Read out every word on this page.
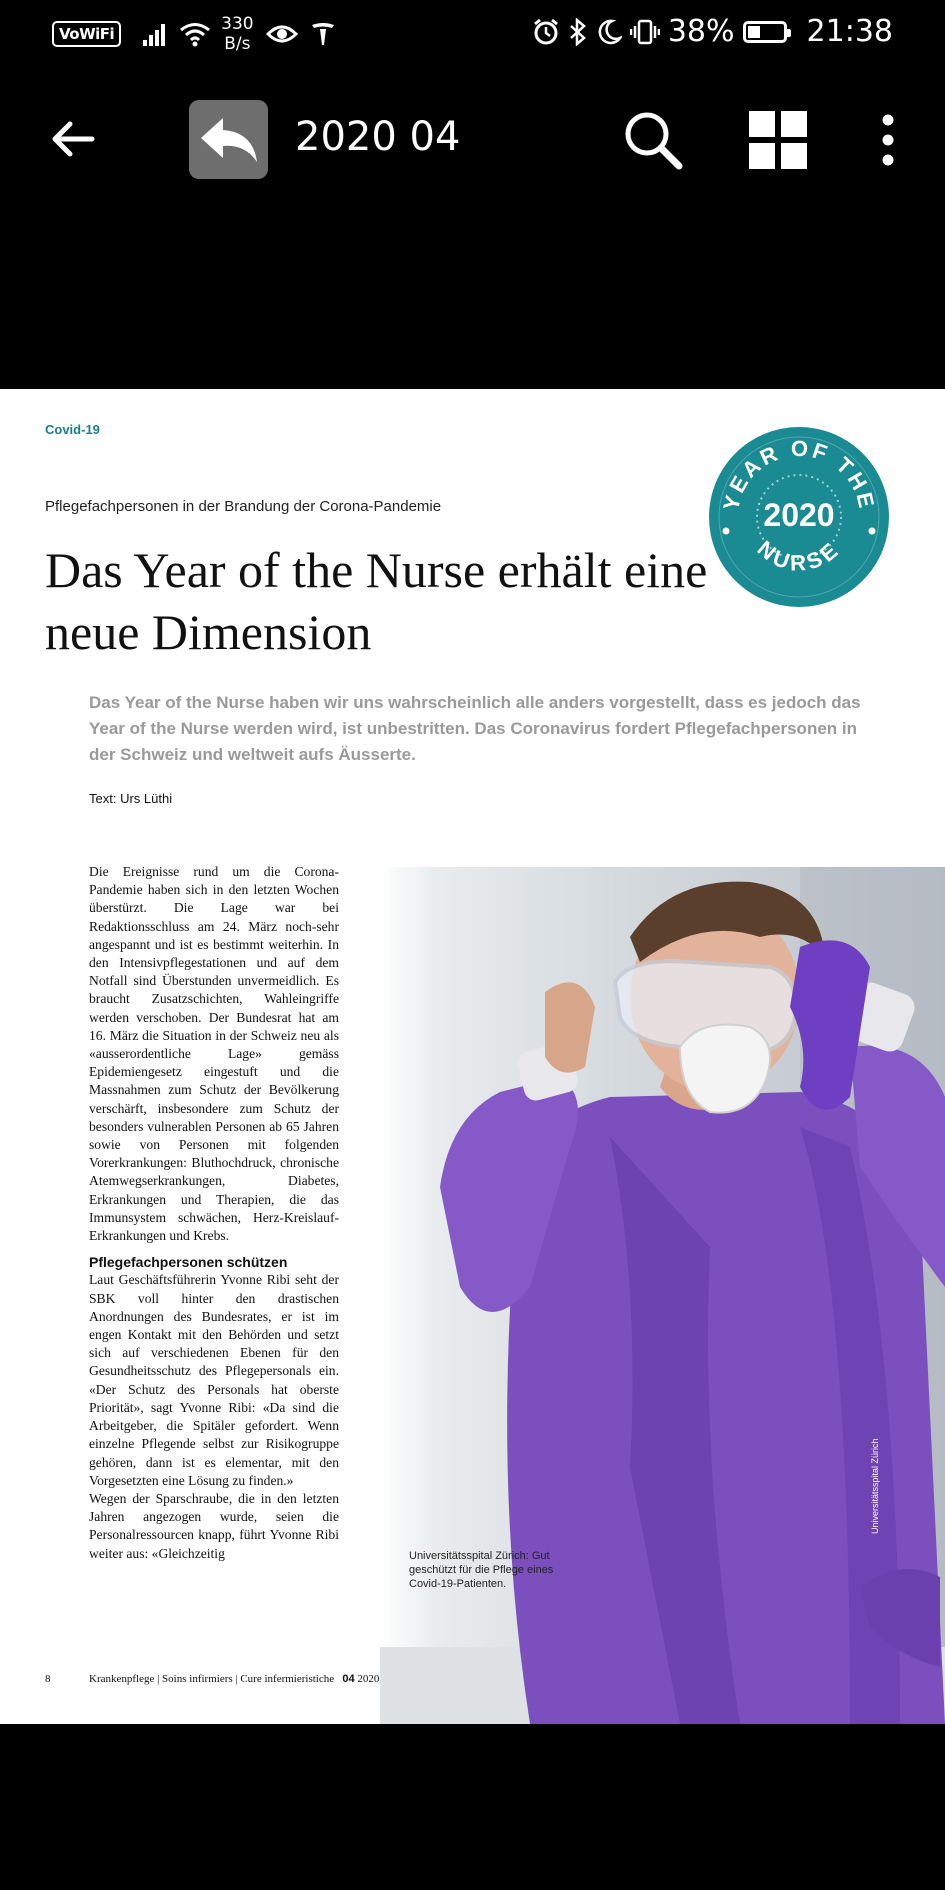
VoWiFi	330
B/s	38% 21:38
2020 04
Covid-19
Pflegefachpersonen in der Brandung der Corona-Pandemie
Das Year of the Nurse erhält eine neue Dimension
YEAR OF THE
2020
NURSE

Das Year of the Nurse haben wir uns wahrscheinlich alle anders vorgestellt, dass es jedoch das Year of the Nurse werden wird, ist unbestritten. Das Coronavirus fordert Pflegefachpersonen in der Schweiz und weltweit aufs Äusserte.

Text: Urs Lüthi

Die Ereignisse rund um die Corona-Pandemie haben sich in den letzten Wochen überstürzt. Die Lage war bei Redaktionsschluss am 24. März noch-sehr angespannt und ist es bestimmt weiterhin. In den Intensivpflegestationen und auf dem Notfall sind Überstunden unvermeidlich. Es braucht Zusatzschichten, Wahleingriffe werden verschoben. Der Bundesrat hat am 16. März die Situation in der Schweiz neu als «ausserordentliche Lage» gemäss Epidemiengesetz eingestuft und die Massnahmen zum Schutz der Bevölkerung verschärft, insbesondere zum Schutz der besonders vulnerablen Personen ab 65 Jahren sowie von Personen mit folgenden Vorerkrankungen: Bluthochdruck, chronische Atemwegserkrankungen, Diabetes, Erkrankungen und Therapien, die das Immunsystem schwächen, Herz-Kreislauf-Erkrankungen und Krebs.

Pflegefachpersonen schützen

Laut Geschäftsführerin Yvonne Ribi seht der SBK voll hinter den drastischen Anordnungen des Bundesrates, er ist im engen Kontakt mit den Behörden und setzt sich auf verschiedenen Ebenen für den Gesundheitsschutz des Pflegepersonals ein. «Der Schutz des Personals hat oberste Priorität», sagt Yvonne Ribi: «Da sind die Arbeitgeber, die Spitäler gefordert. Wenn einzelne Pflegende selbst zur Risikogruppe gehören, dann ist es elementar, mit den Vorgesetzten eine Lösung zu finden.»

Wegen der Sparschraube, die in den letzten Jahren angezogen wurde, seien die Personalressourcen knapp, führt Yvonne Ribi weiter aus: «Gleichzeitig	Universitätsspital Zürich: Gut geschützt für die Pflege eines Covid-19-Patienten.
Universitätsspital Zürich
8	Krankenpflege | Soins infirmiers | Cure infermieristiche 04 2020
